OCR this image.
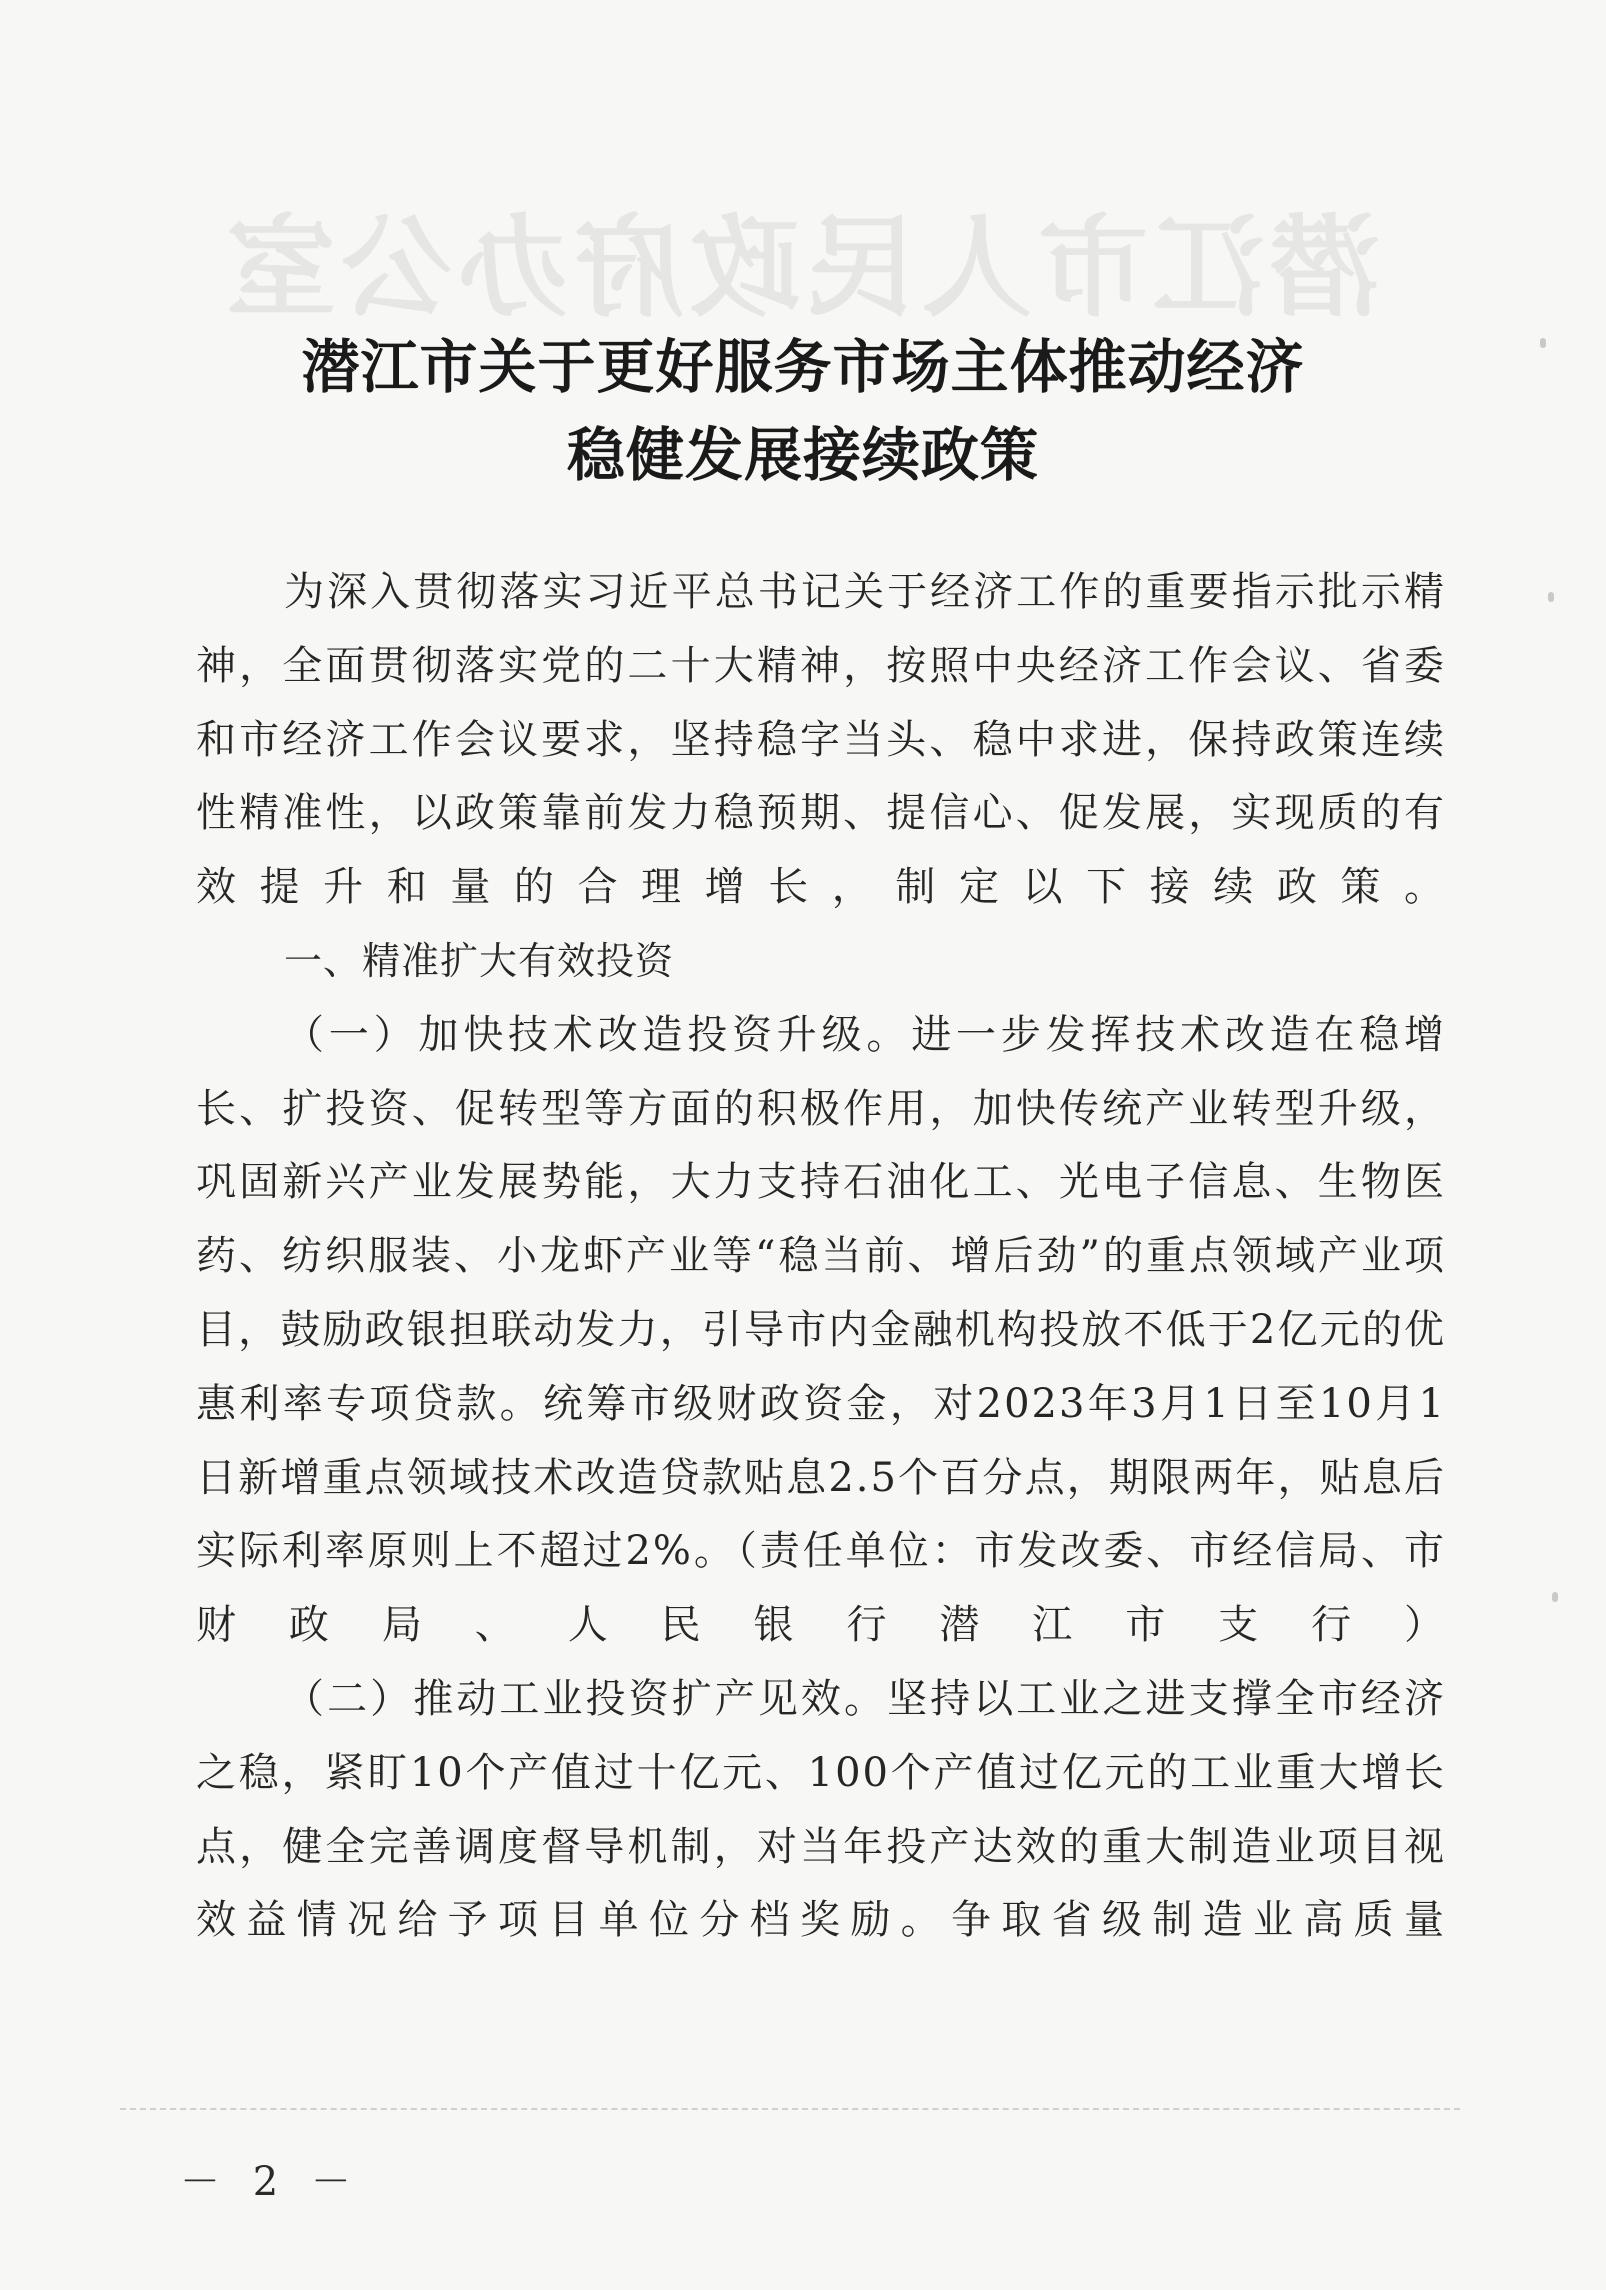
潜江市人民政府办公室
潜江市关于更好服务市场主体推动经济
稳健发展接续政策

为深入贯彻落实习近平总书记关于经济工作的重要指示批示精神，全面贯彻落实党的二十大精神，按照中央经济工作会议、省委和市经济工作会议要求，坚持稳字当头、稳中求进，保持政策连续性精准性，以政策靠前发力稳预期、提信心、促发展，实现质的有效提升和量的合理增长，制定以下接续政策。

一、精准扩大有效投资

（一）加快技术改造投资升级。进一步发挥技术改造在稳增长、扩投资、促转型等方面的积极作用，加快传统产业转型升级，巩固新兴产业发展势能，大力支持石油化工、光电子信息、生物医药、纺织服装、小龙虾产业等“稳当前、增后劲”的重点领域产业项目，鼓励政银担联动发力，引导市内金融机构投放不低于2亿元的优惠利率专项贷款。统筹市级财政资金，对2023年3月1日至10月1日新增重点领域技术改造贷款贴息2.5个百分点，期限两年，贴息后实际利率原则上不超过2%。（责任单位：市发改委、市经信局、市财政局、人民银行潜江市支行）

（二）推动工业投资扩产见效。坚持以工业之进支撑全市经济之稳，紧盯10个产值过十亿元、100个产值过亿元的工业重大增长点，健全完善调度督导机制，对当年投产达效的重大制造业项目视效益情况给予项目单位分档奖励。争取省级制造业高质量

－ 2 －
